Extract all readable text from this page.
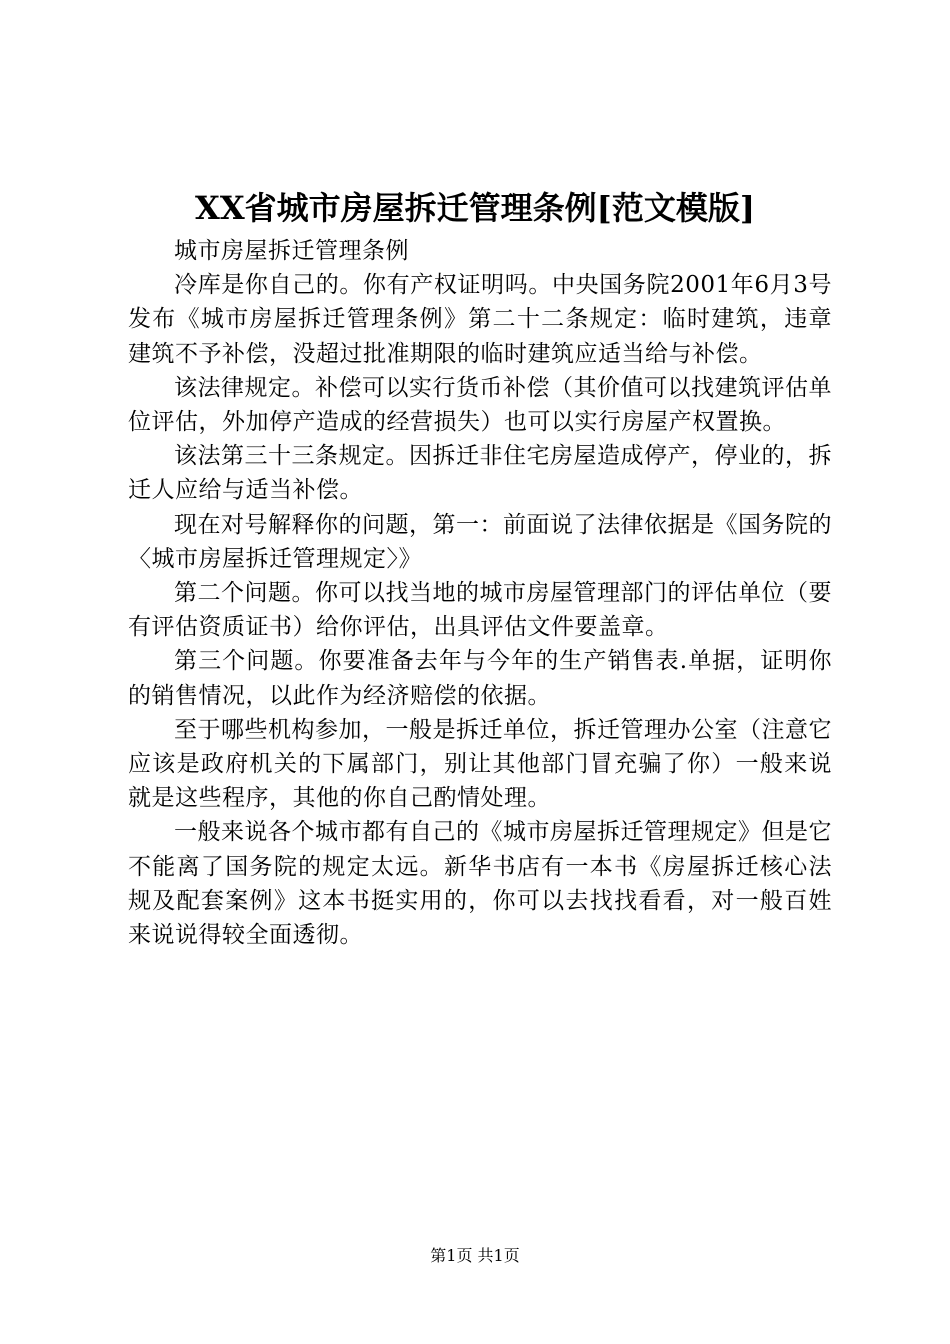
XX省城市房屋拆迁管理条例[范文模版]

城市房屋拆迁管理条例

冷库是你自己的。你有产权证明吗。中央国务院2001年6月3号发布《城市房屋拆迁管理条例》第二十二条规定：临时建筑，违章建筑不予补偿，没超过批准期限的临时建筑应适当给与补偿。

该法律规定。补偿可以实行货币补偿（其价值可以找建筑评估单位评估，外加停产造成的经营损失）也可以实行房屋产权置换。

该法第三十三条规定。因拆迁非住宅房屋造成停产，停业的，拆迁人应给与适当补偿。

现在对号解释你的问题，第一：前面说了法律依据是《国务院的〈城市房屋拆迁管理规定〉》

第二个问题。你可以找当地的城市房屋管理部门的评估单位（要有评估资质证书）给你评估，出具评估文件要盖章。

第三个问题。你要准备去年与今年的生产销售表.单据，证明你的销售情况，以此作为经济赔偿的依据。

至于哪些机构参加，一般是拆迁单位，拆迁管理办公室（注意它应该是政府机关的下属部门，别让其他部门冒充骗了你）一般来说就是这些程序，其他的你自己酌情处理。

一般来说各个城市都有自己的《城市房屋拆迁管理规定》但是它不能离了国务院的规定太远。新华书店有一本书《房屋拆迁核心法规及配套案例》这本书挺实用的，你可以去找找看看，对一般百姓来说说得较全面透彻。

第1页 共1页
